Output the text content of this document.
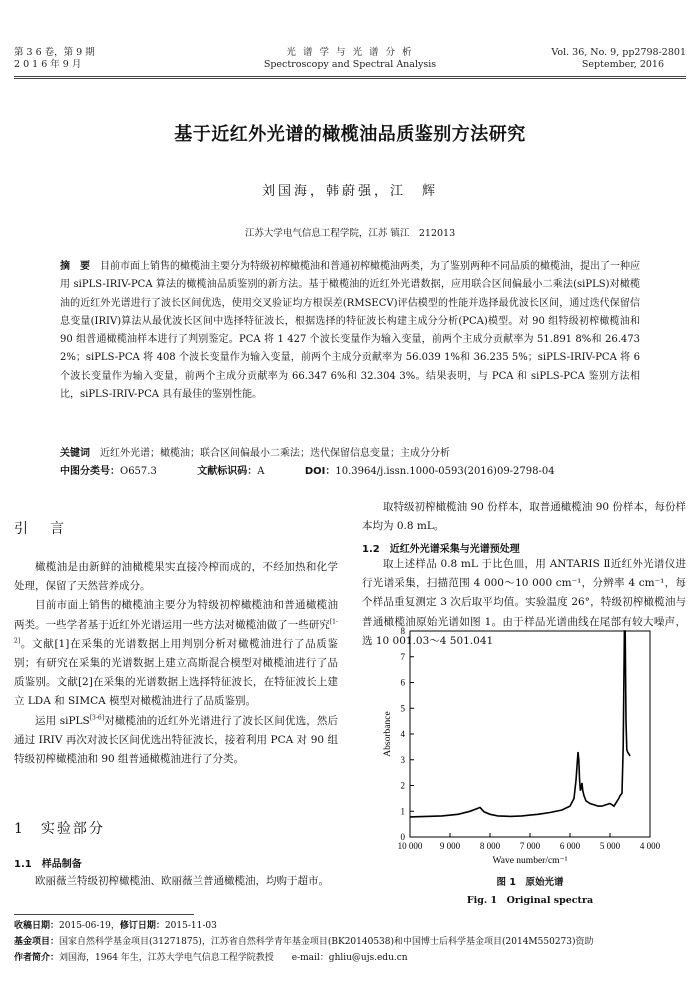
第 3 6 卷，第 9 期
2 0 1 6 年 9 月
光 谱 学 与 光 谱 分 析
Spectroscopy and Spectral Analysis
Vol. 36, No. 9, pp2798-2801
September, 2016
基于近红外光谱的橄榄油品质鉴别方法研究
刘国海，韩蔚强，江　辉
江苏大学电气信息工程学院，江苏 镇江　212013
摘　要 目前市面上销售的橄榄油主要分为特级初榨橄榄油和普通初榨橄榄油两类，为了鉴别两种不同品质的橄榄油，提出了一种应用 siPLS-IRIV-PCA 算法的橄榄油品质鉴别的新方法。基于橄榄油的近红外光谱数据，应用联合区间偏最小二乘法(siPLS)对橄榄油的近红外光谱进行了波长区间优选，使用交叉验证均方根误差(RMSECV)评估模型的性能并选择最优波长区间，通过迭代保留信息变量(IRIV)算法从最优波长区间中选择特征波长，根据选择的特征波长构建主成分分析(PCA)模型。对 90 组特级初榨橄榄油和 90 组普通橄榄油样本进行了判别鉴定。PCA 将 1 427 个波长变量作为输入变量，前两个主成分贡献率为 51.891 8%和 26.473 2%；siPLS-PCA 将 408 个波长变量作为输入变量，前两个主成分贡献率为 56.039 1%和 36.235 5%；siPLS-IRIV-PCA 将 6 个波长变量作为输入变量，前两个主成分贡献率为 66.347 6%和 32.304 3%。结果表明，与 PCA 和 siPLS-PCA 鉴别方法相比，siPLS-IRIV-PCA 具有最佳的鉴别性能。
关键词 近红外光谱；橄榄油；联合区间偏最小二乘法；迭代保留信息变量；主成分分析
中图分类号：O657.3	文献标识码：A	DOI：10.3964/j.issn.1000-0593(2016)09-2798-04
引　言

橄榄油是由新鲜的油橄榄果实直接冷榨而成的，不经加热和化学处理，保留了天然营养成分。

目前市面上销售的橄榄油主要分为特级初榨橄榄油和普通橄榄油两类。一些学者基于近红外光谱运用一些方法对橄榄油做了一些研究[1-2]。文献[1]在采集的光谱数据上用判别分析对橄榄油进行了品质鉴别；有研究在采集的光谱数据上建立高斯混合模型对橄榄油进行了品质鉴别。文献[2]在采集的光谱数据上选择特征波长，在特征波长上建立 LDA 和 SIMCA 模型对橄榄油进行了品质鉴别。

运用 siPLS[3-6]对橄榄油的近红外光谱进行了波长区间优选，然后通过 IRIV 再次对波长区间优选出特征波长，接着利用 PCA 对 90 组特级初榨橄榄油和 90 组普通橄榄油进行了分类。

1　实验部分
1.1　样品制备

欧丽薇兰特级初榨橄榄油、欧丽薇兰普通橄榄油，均购于超市。

取特级初榨橄榄油 90 份样本，取普通橄榄油 90 份样本，每份样本均为 0.8 mL。

1.2　近红外光谱采集与光谱预处理

取上述样品 0.8 mL 于比色皿，用 ANTARIS Ⅱ近红外光谱仪进行光谱采集，扫描范围 4 000～10 000 cm⁻¹，分辨率 4 cm⁻¹，每个样品重复测定 3 次后取平均值。实验温度 26°，特级初榨橄榄油与普通橄榄油原始光谱如图 1。由于样品光谱曲线在尾部有较大噪声，选 10 001.03～4 501.041

0
1
2
3
4
5
6
7
8
10 000 9 000 8 000 7 000 6 000 5 000 4 000
Wave number/cm⁻¹
Absorbance
图 1　原始光谱
Fig. 1　Original spectra
收稿日期：2015-06-19，修订日期：2015-11-03
基金项目：国家自然科学基金项目(31271875)，江苏省自然科学青年基金项目(BK20140538)和中国博士后科学基金项目(2014M550273)资助
作者简介：刘国海，1964 年生，江苏大学电气信息工程学院教授　　e-mail：ghliu@ujs.edu.cn
